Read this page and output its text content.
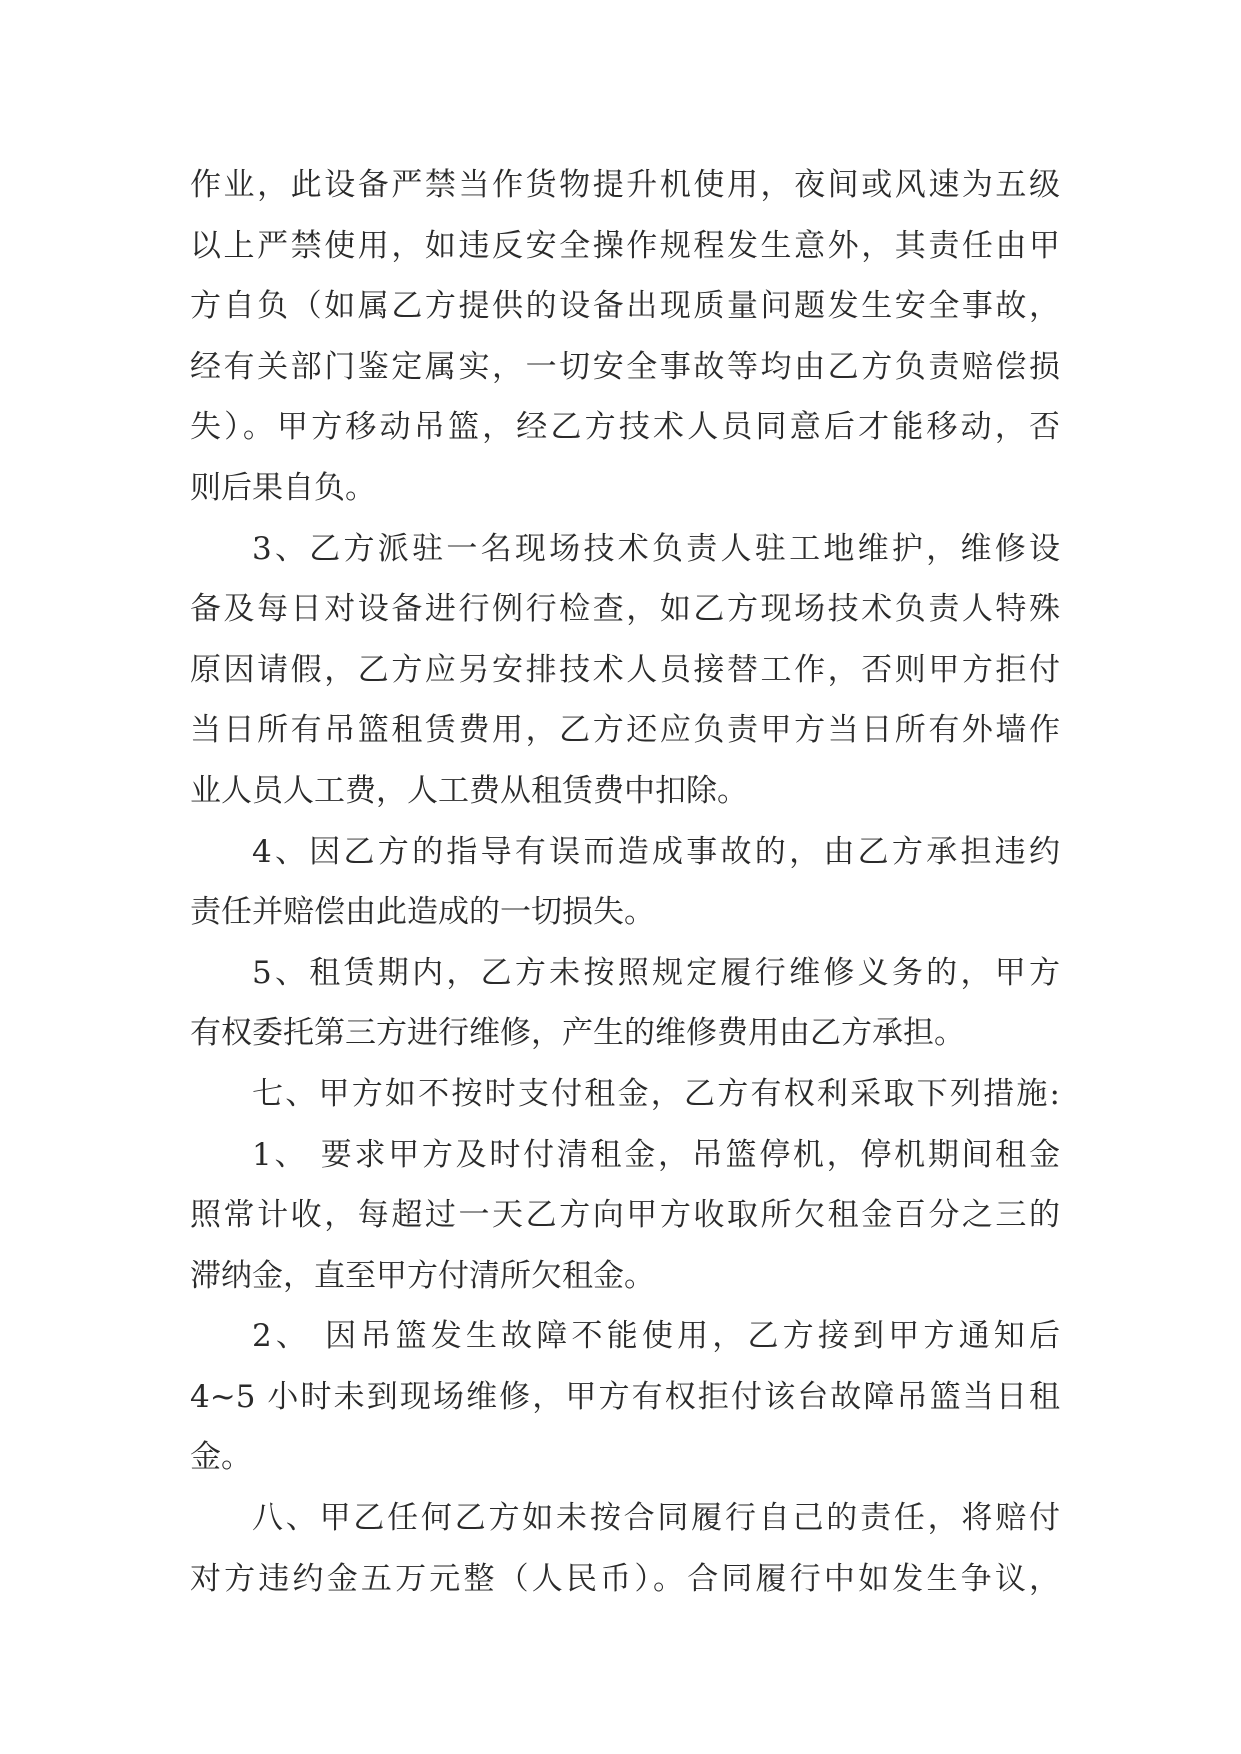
作业，此设备严禁当作货物提升机使用，夜间或风速为五级
以上严禁使用，如违反安全操作规程发生意外，其责任由甲
方自负（如属乙方提供的设备出现质量问题发生安全事故，
经有关部门鉴定属实，一切安全事故等均由乙方负责赔偿损
失）。甲方移动吊篮，经乙方技术人员同意后才能移动，否
则后果自负。
3、乙方派驻一名现场技术负责人驻工地维护，维修设
备及每日对设备进行例行检查，如乙方现场技术负责人特殊
原因请假，乙方应另安排技术人员接替工作，否则甲方拒付
当日所有吊篮租赁费用，乙方还应负责甲方当日所有外墙作
业人员人工费，人工费从租赁费中扣除。
4、因乙方的指导有误而造成事故的，由乙方承担违约
责任并赔偿由此造成的一切损失。
5、租赁期内，乙方未按照规定履行维修义务的，甲方
有权委托第三方进行维修，产生的维修费用由乙方承担。
七、甲方如不按时支付租金，乙方有权利采取下列措施:
1、 要求甲方及时付清租金，吊篮停机，停机期间租金
照常计收，每超过一天乙方向甲方收取所欠租金百分之三的
滞纳金，直至甲方付清所欠租金。
2、 因吊篮发生故障不能使用，乙方接到甲方通知后
4~5 小时未到现场维修，甲方有权拒付该台故障吊篮当日租
金。
八、甲乙任何乙方如未按合同履行自己的责任，将赔付
对方违约金五万元整（人民币）。合同履行中如发生争议，
